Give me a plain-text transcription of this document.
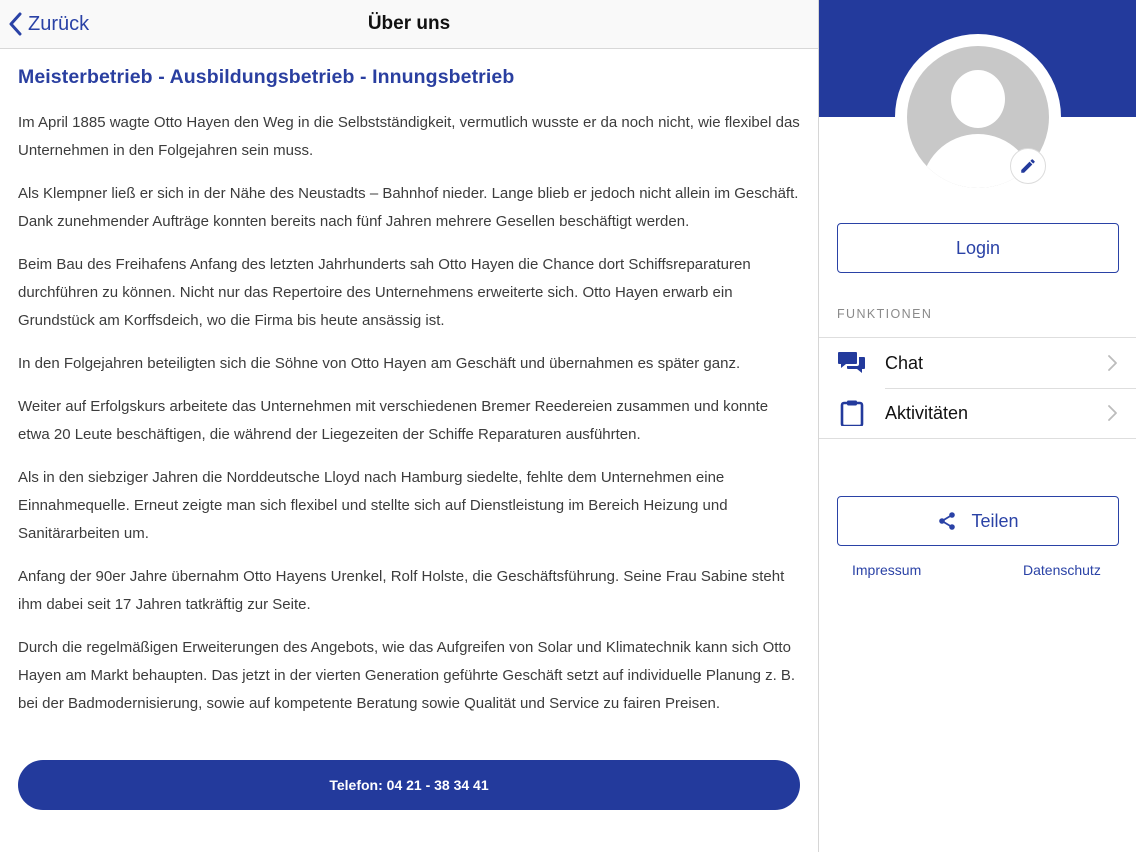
Zurück	Über uns
Meisterbetrieb - Ausbildungsbetrieb - Innungsbetrieb

Im April 1885 wagte Otto Hayen den Weg in die Selbstständigkeit, vermutlich wusste er da noch nicht, wie flexibel das Unternehmen in den Folgejahren sein muss.

Als Klempner ließ er sich in der Nähe des Neustadts – Bahnhof nieder. Lange blieb er jedoch nicht allein im Geschäft. Dank zunehmender Aufträge konnten bereits nach fünf Jahren mehrere Gesellen beschäftigt werden.

Beim Bau des Freihafens Anfang des letzten Jahrhunderts sah Otto Hayen die Chance dort Schiffsreparaturen durchführen zu können. Nicht nur das Repertoire des Unternehmens erweiterte sich. Otto Hayen erwarb ein Grundstück am Korffsdeich, wo die Firma bis heute ansässig ist.

In den Folgejahren beteiligten sich die Söhne von Otto Hayen am Geschäft und übernahmen es später ganz.

Weiter auf Erfolgskurs arbeitete das Unternehmen mit verschiedenen Bremer Reedereien zusammen und konnte etwa 20 Leute beschäftigen, die während der Liegezeiten der Schiffe Reparaturen ausführten.

Als in den siebziger Jahren die Norddeutsche Lloyd nach Hamburg siedelte, fehlte dem Unternehmen eine Einnahmequelle. Erneut zeigte man sich flexibel und stellte sich auf Dienstleistung im Bereich Heizung und Sanitärarbeiten um.

Anfang der 90er Jahre übernahm Otto Hayens Urenkel, Rolf Holste, die Geschäftsführung. Seine Frau Sabine steht ihm dabei seit 17 Jahren tatkräftig zur Seite.

Durch die regelmäßigen Erweiterungen des Angebots, wie das Aufgreifen von Solar und Klimatechnik kann sich Otto Hayen am Markt behaupten. Das jetzt in der vierten Generation geführte Geschäft setzt auf individuelle Planung z. B. bei der Badmodernisierung, sowie auf kompetente Beratung sowie Qualität und Service zu fairen Preisen.

Telefon: 04 21 - 38 34 41
Login
FUNKTIONEN
Chat
Aktivitäten
Teilen
Impressum	Datenschutz
